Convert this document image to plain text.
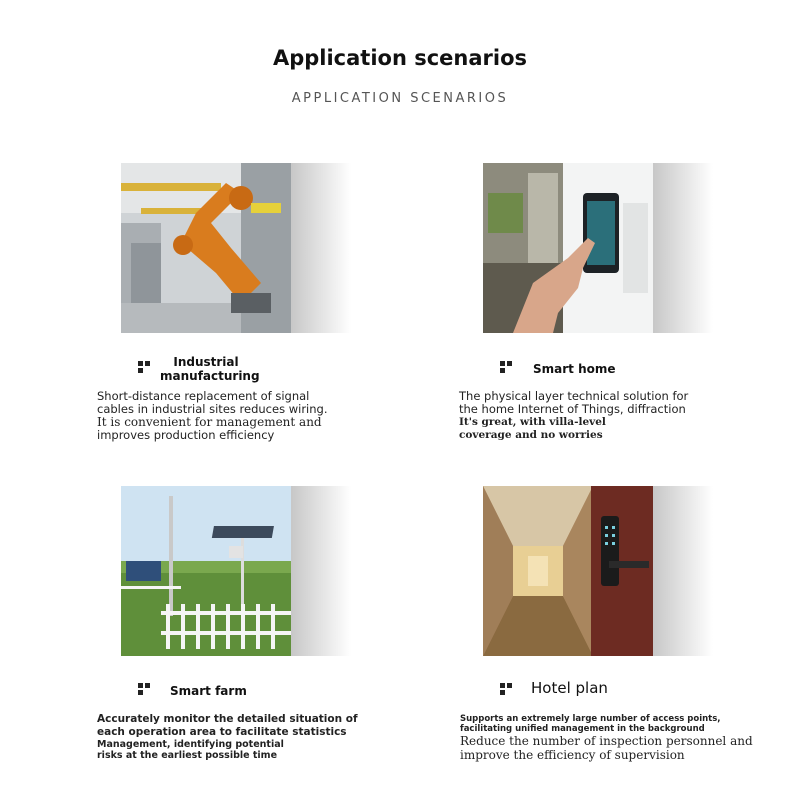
Application scenarios
APPLICATION SCENARIOS
Industrial manufacturing
Short-distance replacement of signal
cables in industrial sites reduces wiring.
It is convenient for management and
improves production efficiency
Smart home
The physical layer technical solution for
the home Internet of Things, diffraction
It's great, with villa-level
coverage and no worries
Smart farm
Accurately monitor the detailed situation of
each operation area to facilitate statistics
Management, identifying potential
risks at the earliest possible time
Hotel plan
Supports an extremely large number of access points,
facilitating unified management in the background
Reduce the number of inspection personnel and
improve the efficiency of supervision
